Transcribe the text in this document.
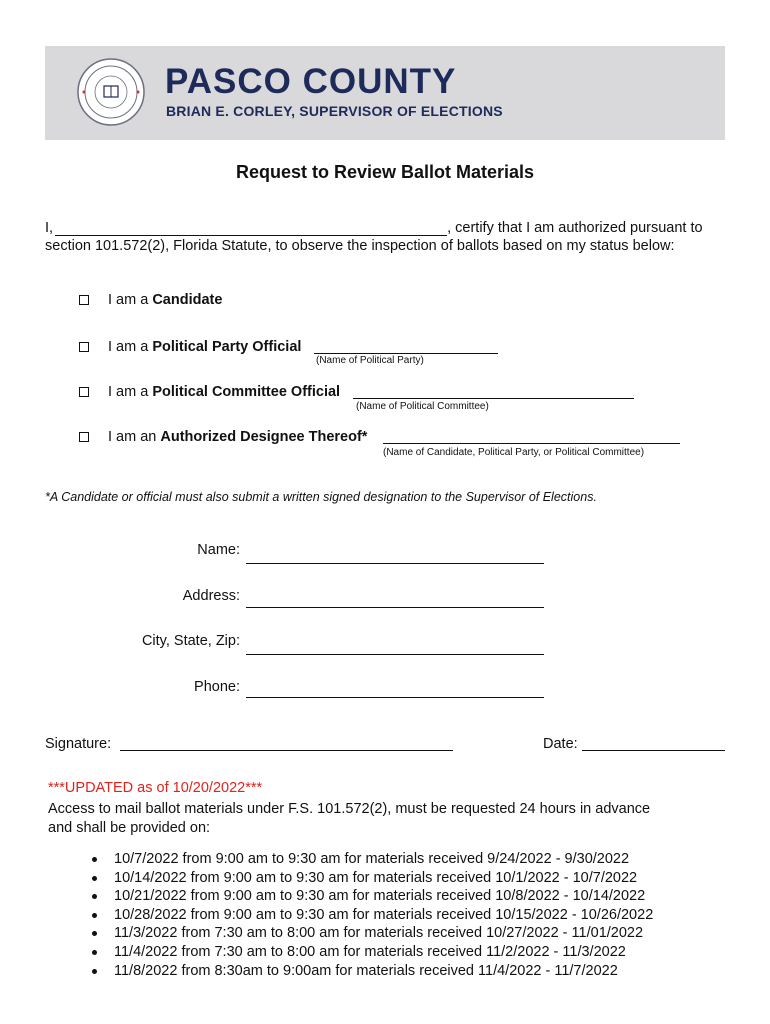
PASCO COUNTY
BRIAN E. CORLEY, SUPERVISOR OF ELECTIONS
Request to Review Ballot Materials
I,	, certify that I am authorized pursuant to
section 101.572(2), Florida Statute, to observe the inspection of ballots based on my status below:
I am a Candidate
I am a Political Party Official
(Name of Political Party)
I am a Political Committee Official
(Name of Political Committee)
I am an Authorized Designee Thereof*
(Name of Candidate, Political Party, or Political Committee)
*A Candidate or official must also submit a written signed designation to the Supervisor of Elections.
Name:
Address:
City, State, Zip:
Phone:
Signature:	Date:
***UPDATED as of 10/20/2022***
Access to mail ballot materials under F.S. 101.572(2), must be requested 24 hours in advance
and shall be provided on:
10/7/2022 from 9:00 am to 9:30 am for materials received 9/24/2022 - 9/30/2022
10/14/2022 from 9:00 am to 9:30 am for materials received 10/1/2022 - 10/7/2022
10/21/2022 from 9:00 am to 9:30 am for materials received 10/8/2022 - 10/14/2022
10/28/2022 from 9:00 am to 9:30 am for materials received 10/15/2022 - 10/26/2022
11/3/2022 from 7:30 am to 8:00 am for materials received 10/27/2022 - 11/01/2022
11/4/2022 from 7:30 am to 8:00 am for materials received 11/2/2022 - 11/3/2022
11/8/2022 from 8:30am to 9:00am for materials received 11/4/2022 - 11/7/2022
